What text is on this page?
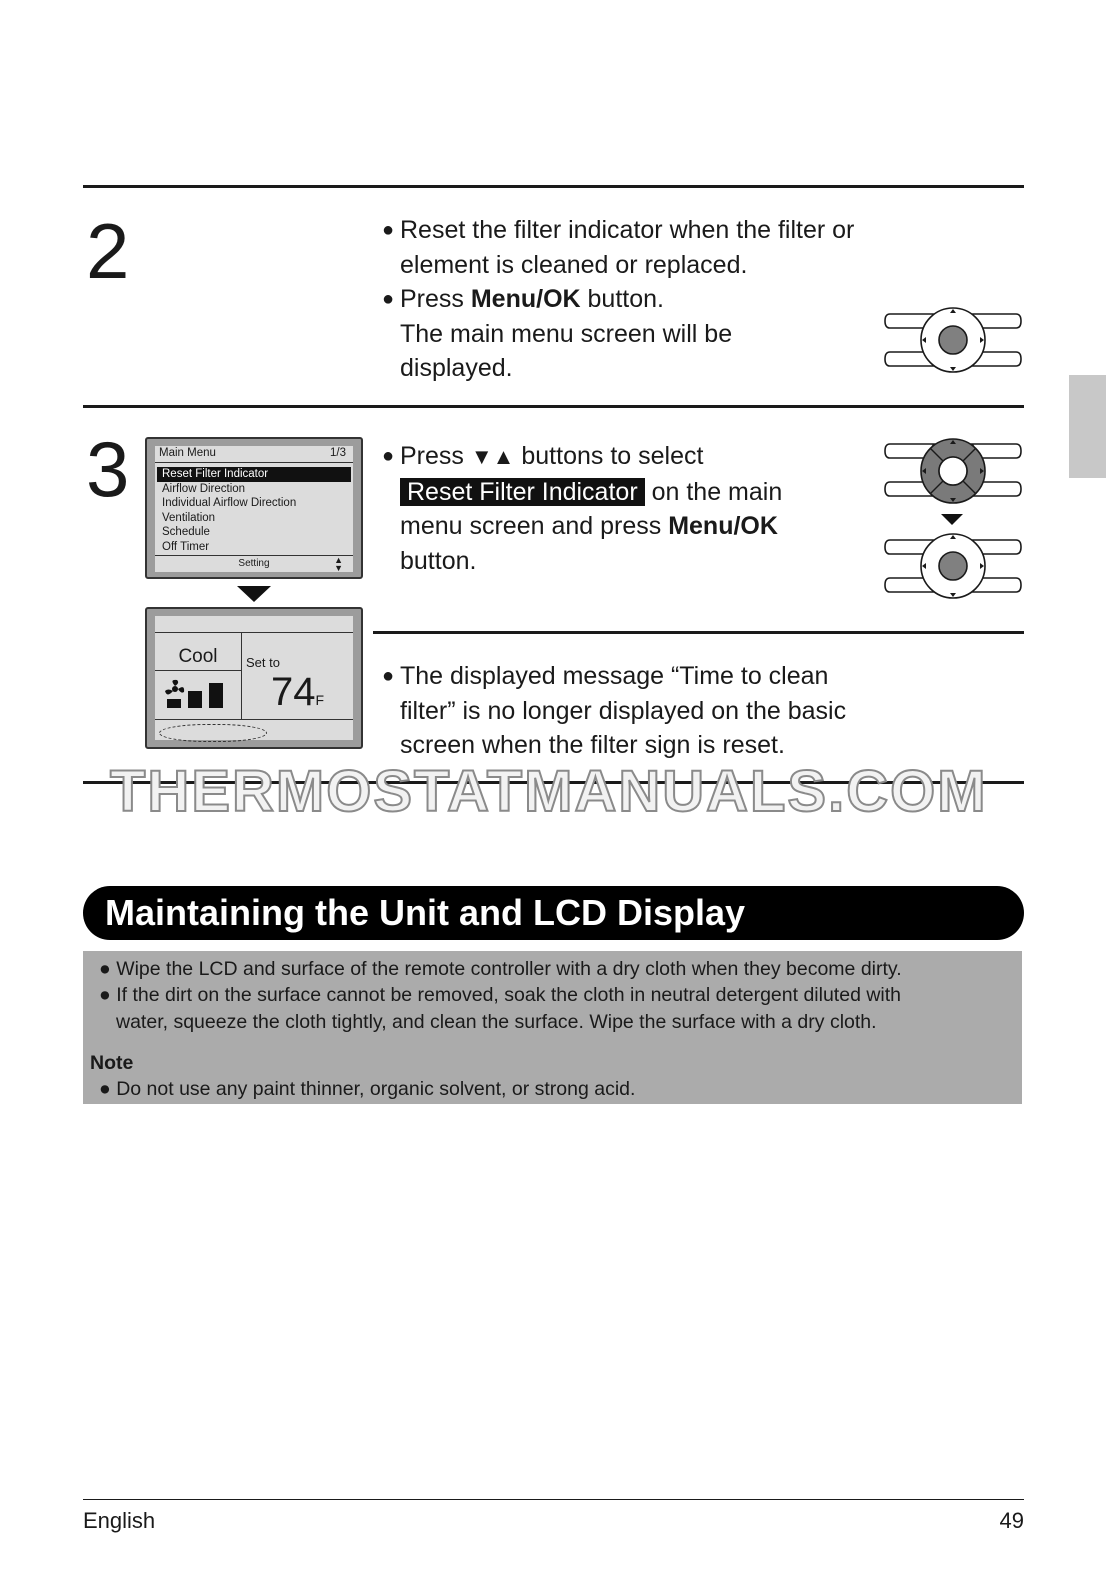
2
●	Reset the filter indicator when the filter or
element is cleaned or replaced.
● Press Menu/OK button.
The main menu screen will be
displayed.
3	Main Menu	1/3
Reset Filter Indicator
Airflow Direction
Individual Airflow Direction
Ventilation
Schedule
Off Timer
Setting	▲
▼
Cool	Set to
74F
● Press ▼▲ buttons to select
Reset Filter Indicator on the main
menu screen and press Menu/OK
button.
● The displayed message “Time to clean
filter” is no longer displayed on the basic
screen when the filter sign is reset.
THERMOSTATMANUALS.COM
Maintaining the Unit and LCD Display
● Wipe the LCD and surface of the remote controller with a dry cloth when they become dirty.
● If the dirt on the surface cannot be removed, soak the cloth in neutral detergent diluted with
water, squeeze the cloth tightly, and clean the surface. Wipe the surface with a dry cloth.
Note
● Do not use any paint thinner, organic solvent, or strong acid.
English	49
